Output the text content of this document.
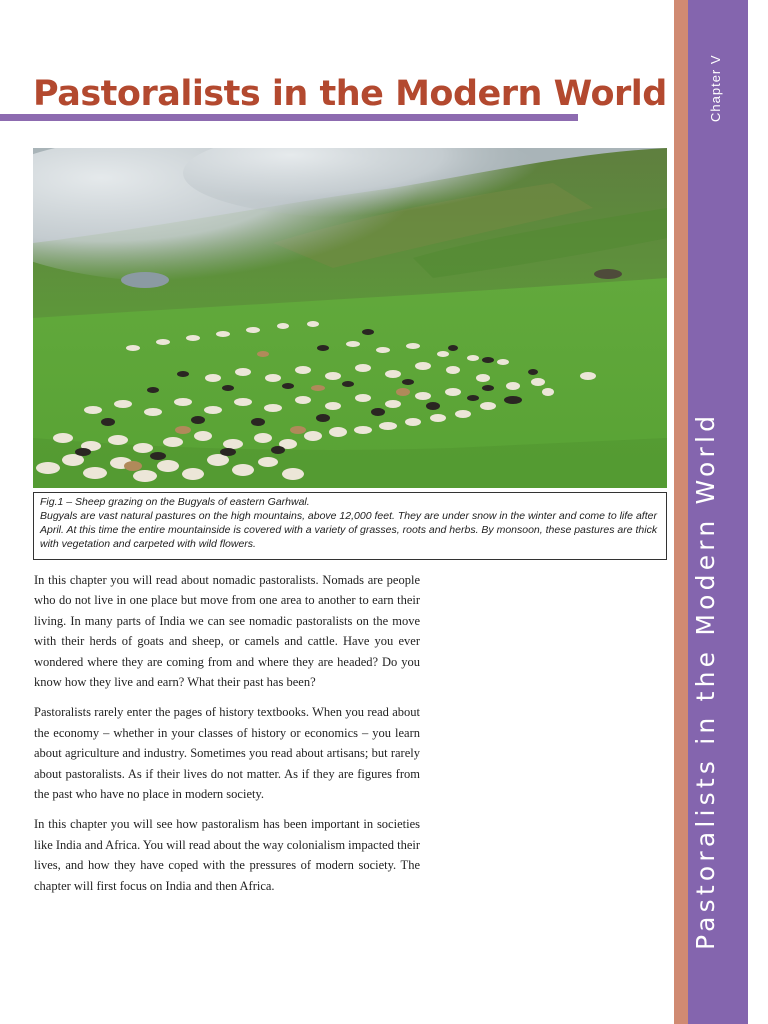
Pastoralists in the Modern World

Fig.1 – Sheep grazing on the Bugyals of eastern Garhwal.

Bugyals are vast natural pastures on the high mountains, above 12,000 feet. They are under snow in the winter and come to life after April. At this time the entire mountainside is covered with a variety of grasses, roots and herbs. By monsoon, these pastures are thick with vegetation and carpeted with wild flowers.

In this chapter you will read about nomadic pastoralists. Nomads are people who do not live in one place but move from one area to another to earn their living. In many parts of India we can see nomadic pastoralists on the move with their herds of goats and sheep, or camels and cattle. Have you ever wondered where they are coming from and where they are headed? Do you know how they live and earn? What their past has been?

Pastoralists rarely enter the pages of history textbooks. When you read about the economy – whether in your classes of history or economics – you learn about agriculture and industry. Sometimes you read about artisans; but rarely about pastoralists. As if their lives do not matter. As if they are figures from the past who have no place in modern society.

In this chapter you will see how pastoralism has been important in societies like India and Africa. You will read about the way colonialism impacted their lives, and how they have coped with the pressures of modern society. The chapter will first focus on India and then Africa.

Chapter V
Pastoralists in the Modern World
